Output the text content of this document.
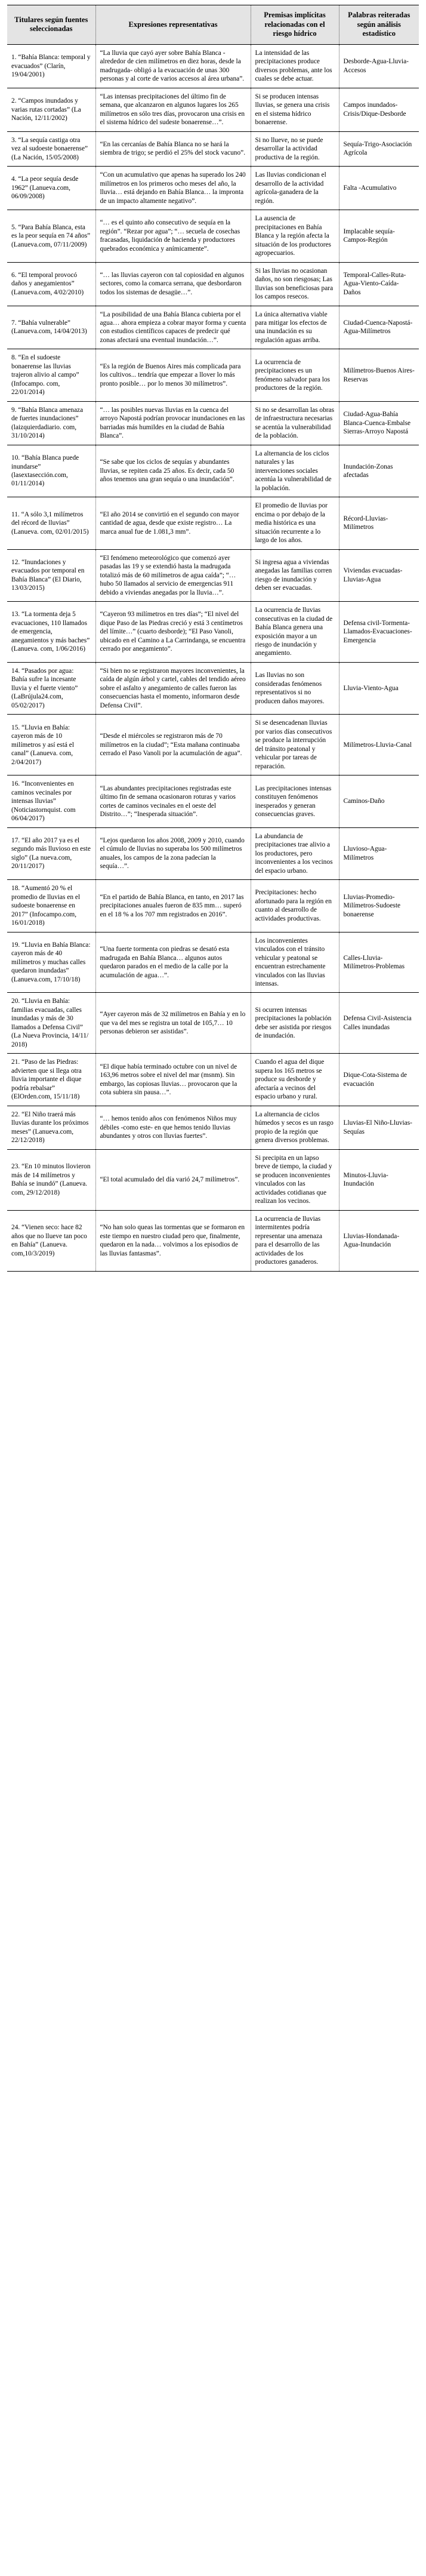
Titulares según fuentes seleccionadas	Expresiones representativas	Premisas implícitas relacionadas con el riesgo hídrico	Palabras reiteradas según análisis estadístico
1. “Bahía Blanca: temporal y evacuados” (Clarín, 19/04/2001)	“La lluvia que cayó ayer sobre Bahía Blanca -alrededor de cien milímetros en diez horas, desde la madrugada- obligó a la evacuación de unas 300 personas y al corte de varios accesos al área urbana”.	La intensidad de las precipitaciones produce diversos problemas, ante los cuales se debe actuar.	Desborde-Agua-Lluvia-Accesos
2. “Campos inundados y varias rutas cortadas” (La Nación, 12/11/2002)	“Las intensas precipitaciones del último fin de semana, que alcanzaron en algunos lugares los 265 milímetros en sólo tres días, provocaron una crisis en el sistema hídrico del sudeste bonaerense…”.	Si se producen intensas lluvias, se genera una crisis en el sistema hídrico bonaerense.	Campos inundados-Crisis/Dique-Desborde
3. “La sequía castiga otra vez al sudoeste bonaerense” (La Nación, 15/05/2008)	“En las cercanías de Bahía Blanca no se hará la siembra de trigo; se perdió el 25% del stock vacuno”.	Si no llueve, no se puede desarrollar la actividad productiva de la región.	Sequía-Trigo-Asociación Agrícola
4. “La peor sequía desde 1962” (Lanueva.com, 06/09/2008)	“Con un acumulativo que apenas ha superado los 240 milímetros en los primeros ocho meses del año, la lluvia… está dejando en Bahía Blanca… la impronta de un impacto altamente negativo”.	Las lluvias condicionan el desarrollo de la actividad agrícola-ganadera de la región.	Falta -Acumulativo
5. “Para Bahía Blanca, esta es la peor sequía en 74 años” (Lanueva.com, 07/11/2009)	“… es el quinto año consecutivo de sequía en la región”. “Rezar por agua”; “… secuela de cosechas fracasadas, liquidación de hacienda y productores quebrados económica y anímicamente”.	La ausencia de precipitaciones en Bahía Blanca y la región afecta la situación de los productores agropecuarios.	Implacable sequía-Campos-Región
6. “El temporal provocó daños y anegamientos” (Lanueva.com, 4/02/2010)	“… las lluvias cayeron con tal copiosidad en algunos sectores, como la comarca serrana, que desbordaron todos los sistemas de desagüe…”.	Si las lluvias no ocasionan daños, no son riesgosas; Las lluvias son beneficiosas para los campos resecos.	Temporal-Calles-Ruta-Agua-Viento-Caída-Daños
7. “Bahía vulnerable” (Lanueva.com, 14/04/2013)	“La posibilidad de una Bahía Blanca cubierta por el agua… ahora empieza a cobrar mayor forma y cuenta con estudios científicos capaces de predecir qué zonas afectará una eventual inundación…”.	La única alternativa viable para mitigar los efectos de una inundación es su regulación aguas arriba.	Ciudad-Cuenca-Napostá-Agua-Milímetros
8. “En el sudoeste bonaerense las lluvias trajeron alivio al campo” (Infocampo. com, 22/01/2014)	“Es la región de Buenos Aires más complicada para los cultivos... tendría que empezar a llover lo más pronto posible… por lo menos 30 milímetros”.	La ocurrencia de precipitaciones es un fenómeno salvador para los productores de la región.	Milímetros-Buenos Aires-Reservas
9. “Bahía Blanca amenaza de fuertes inundaciones” (laizquierdadiario. com, 31/10/2014)	“… las posibles nuevas lluvias en la cuenca del arroyo Napostá podrían provocar inundaciones en las barriadas más humildes en la ciudad de Bahía Blanca”.	Si no se desarrollan las obras de infraestructura necesarias se acentúa la vulnerabilidad de la población.	Ciudad-Agua-Bahía Blanca-Cuenca-Embalse Sierras-Arroyo Napostá
10. “Bahía Blanca puede inundarse” (lasextasección.com, 01/11/2014)	“Se sabe que los ciclos de sequías y abundantes lluvias, se repiten cada 25 años. Es decir, cada 50 años tenemos una gran sequía o una inundación”.	La alternancia de los ciclos naturales y las intervenciones sociales acentúa la vulnerabilidad de la población.	Inundación-Zonas afectadas
11. “A sólo 3,1 milímetros del récord de lluvias” (Lanueva. com, 02/01/2015)	“El año 2014 se convirtió en el segundo con mayor cantidad de agua, desde que existe registro… La marca anual fue de 1.081,3 mm”.	El promedio de lluvias por encima o por debajo de la media histórica es una situación recurrente a lo largo de los años.	Récord-Lluvias-Milímetros
12. “Inundaciones y evacuados por temporal en Bahía Blanca” (El Diario, 13/03/2015)	“El fenómeno meteorológico que comenzó ayer pasadas las 19 y se extendió hasta la madrugada totalizó más de 60 milímetros de agua caída”; “… hubo 50 llamados al servicio de emergencias 911 debido a viviendas anegadas por la lluvia…”.	Si ingresa agua a viviendas anegadas las familias corren riesgo de inundación y deben ser evacuadas.	Viviendas evacuadas-Lluvias-Agua
13. “La tormenta deja 5 evacuaciones, 110 llamados de emergencia, anegamientos y más baches” (Lanueva. com, 1/06/2016)	“Cayeron 93 milímetros en tres días”; “El nivel del dique Paso de las Piedras creció y está 3 centímetros del límite…” (cuarto desborde); “El Paso Vanoli, ubicado en el Camino a La Carrindanga, se encuentra cerrado por anegamiento”.	La ocurrencia de lluvias consecutivas en la ciudad de Bahía Blanca genera una exposición mayor a un riesgo de inundación y anegamiento.	Defensa civil-Tormenta-Llamados-Evacuaciones-Emergencia
14. “Pasados por agua: Bahía sufre la incesante lluvia y el fuerte viento” (LaBrújula24.com, 05/02/2017)	“Si bien no se registraron mayores inconvenientes, la caída de algún árbol y cartel, cables del tendido aéreo sobre el asfalto y anegamiento de calles fueron las consecuencias hasta el momento, informaron desde Defensa Civil”.	Las lluvias no son consideradas fenómenos representativos si no producen daños mayores.	Lluvia-Viento-Agua
15. “Lluvia en Bahía: cayeron más de 10 milímetros y así está el canal” (Lanueva. com, 2/04/2017)	“Desde el miércoles se registraron más de 70 milímetros en la ciudad”; “Esta mañana continuaba cerrado el Paso Vanoli por la acumulación de agua”.	Si se desencadenan lluvias por varios días consecutivos se produce la interrupción del tránsito peatonal y vehicular por tareas de reparación.	Milímetros-Lluvia-Canal
16. “Inconvenientes en caminos vecinales por intensas lluvias” (Noticiastornquist. com 06/04/2017)	“Las abundantes precipitaciones registradas este último fin de semana ocasionaron roturas y varios cortes de caminos vecinales en el oeste del Distrito…”; “Inesperada situación”.	Las precipitaciones intensas constituyen fenómenos inesperados y generan consecuencias graves.	Caminos-Daño
17. “El año 2017 ya es el segundo más lluvioso en este siglo” (La nueva.com, 20/11/2017)	“Lejos quedaron los años 2008, 2009 y 2010, cuando el cúmulo de lluvias no superaba los 500 milímetros anuales, los campos de la zona padecían la sequía…”.	La abundancia de precipitaciones trae alivio a los productores, pero inconvenientes a los vecinos del espacio urbano.	Lluvioso-Agua-Milímetros
18. “Aumentó 20 % el promedio de lluvias en el sudoeste bonaerense en 2017” (Infocampo.com, 16/01/2018)	“En el partido de Bahía Blanca, en tanto, en 2017 las precipitaciones anuales fueron de 835 mm… superó en el 18 % a los 707 mm registrados en 2016”.	Precipitaciones: hecho afortunado para la región en cuanto al desarrollo de actividades productivas.	Lluvias-Promedio-Milímetros-Sudoeste bonaerense
19. “Lluvia en Bahía Blanca: cayeron más de 40 milímetros y muchas calles quedaron inundadas” (Lanueva.com, 17/10/18)	“Una fuerte tormenta con piedras se desató esta madrugada en Bahía Blanca… algunos autos quedaron parados en el medio de la calle por la acumulación de agua…”.	Los inconvenientes vinculados con el tránsito vehicular y peatonal se encuentran estrechamente vinculados con las lluvias intensas.	Calles-Lluvia-Milímetros-Problemas
20. “Lluvia en Bahía: familias evacuadas, calles inundadas y más de 30 llamados a Defensa Civil” (La Nueva Provincia, 14/11/ 2018)	“Ayer cayeron más de 32 milímetros en Bahía y en lo que va del mes se registra un total de 105,7… 10 personas debieron ser asistidas”.	Si ocurren intensas precipitaciones la población debe ser asistida por riesgos de inundación.	Defensa Civil-Asistencia Calles inundadas
21. “Paso de las Piedras: advierten que si llega otra lluvia importante el dique podría rebalsar” (ElOrden.com, 15/11/18)	“El dique había terminado octubre con un nivel de 163,96 metros sobre el nivel del mar (msnm). Sin embargo, las copiosas lluvias… provocaron que la cota subiera sin pausa…”.	Cuando el agua del dique supera los 165 metros se produce su desborde y afectaría a vecinos del espacio urbano y rural.	Dique-Cota-Sistema de evacuación
22. “El Niño traerá más lluvias durante los próximos meses” (Lanueva.com, 22/12/2018)	“… hemos tenido años con fenómenos Niños muy débiles -como este- en que hemos tenido lluvias abundantes y otros con lluvias fuertes”.	La alternancia de ciclos húmedos y secos es un rasgo propio de la región que genera diversos problemas.	Lluvias-El Niño-Lluvias-Sequías
23. “En 10 minutos llovieron más de 14 milímetros y Bahía se inundó” (Lanueva. com, 29/12/2018)	“El total acumulado del día varió 24,7 milímetros”.	Si precipita en un lapso breve de tiempo, la ciudad y se producen inconvenientes vinculados con las actividades cotidianas que realizan los vecinos.	Minutos-Lluvia-Inundación
24. “Vienen seco: hace 82 años que no llueve tan poco en Bahía” (Lanueva. com,10/3/2019)	“No han solo queas las tormentas que se formaron en este tiempo en nuestro ciudad pero que, finalmente, quedaron en la nada… volvimos a los episodios de las lluvias fantasmas”.	La ocurrencia de lluvias intermitentes podría representar una amenaza para el desarrollo de las actividades de los productores ganaderos.	Lluvias-Hondanada-Agua-Inundación
